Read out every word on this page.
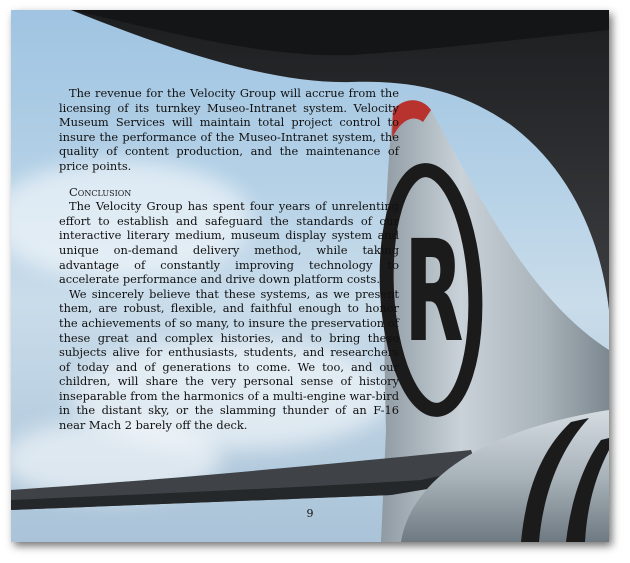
R

The revenue for the Velocity Group will accrue from the licensing of its turnkey Museo-Intranet system. Velocity Museum Services will maintain total project control to insure the performance of the Museo-Intranet system, the quality of content production, and the maintenance of price points.

Conclusion

The Velocity Group has spent four years of unrelenting effort to establish and safeguard the standards of our interactive literary medium, museum display system and unique on-demand delivery method, while taking advantage of constantly improving technology to accelerate performance and drive down platform costs.

We sincerely believe that these systems, as we present them, are robust, flexible, and faithful enough to honor the achievements of so many, to insure the preservation of these great and complex histories, and to bring these subjects alive for enthusiasts, students, and researchers of today and of generations to come. We too, and our children, will share the very personal sense of history inseparable from the harmonics of a multi-engine war-bird in the distant sky, or the slamming thunder of an F-16 near Mach 2 barely off the deck.

9
